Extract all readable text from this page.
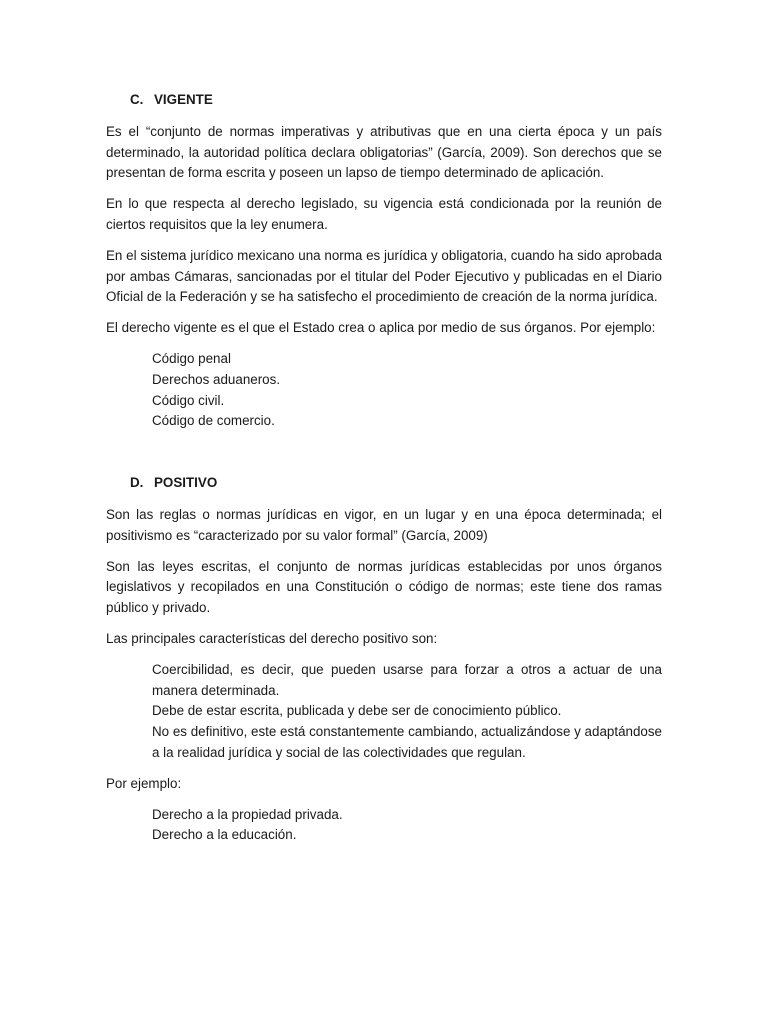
C. VIGENTE

Es el “conjunto de normas imperativas y atributivas que en una cierta época y un país determinado, la autoridad política declara obligatorias” (García, 2009). Son derechos que se presentan de forma escrita y poseen un lapso de tiempo determinado de aplicación.

En lo que respecta al derecho legislado, su vigencia está condicionada por la reunión de ciertos requisitos que la ley enumera.

En el sistema jurídico mexicano una norma es jurídica y obligatoria, cuando ha sido aprobada por ambas Cámaras, sancionadas por el titular del Poder Ejecutivo y publicadas en el Diario Oficial de la Federación y se ha satisfecho el procedimiento de creación de la norma jurídica.

El derecho vigente es el que el Estado crea o aplica por medio de sus órganos. Por ejemplo:

Código penal
Derechos aduaneros.
Código civil.
Código de comercio.
D. POSITIVO

Son las reglas o normas jurídicas en vigor, en un lugar y en una época determinada; el positivismo es “caracterizado por su valor formal” (García, 2009)

Son las leyes escritas, el conjunto de normas jurídicas establecidas por unos órganos legislativos y recopilados en una Constitución o código de normas; este tiene dos ramas público y privado.

Las principales características del derecho positivo son:

Coercibilidad, es decir, que pueden usarse para forzar a otros a actuar de una manera determinada.
Debe de estar escrita, publicada y debe ser de conocimiento público.
No es definitivo, este está constantemente cambiando, actualizándose y adaptándose a la realidad jurídica y social de las colectividades que regulan.

Por ejemplo:

Derecho a la propiedad privada.
Derecho a la educación.
